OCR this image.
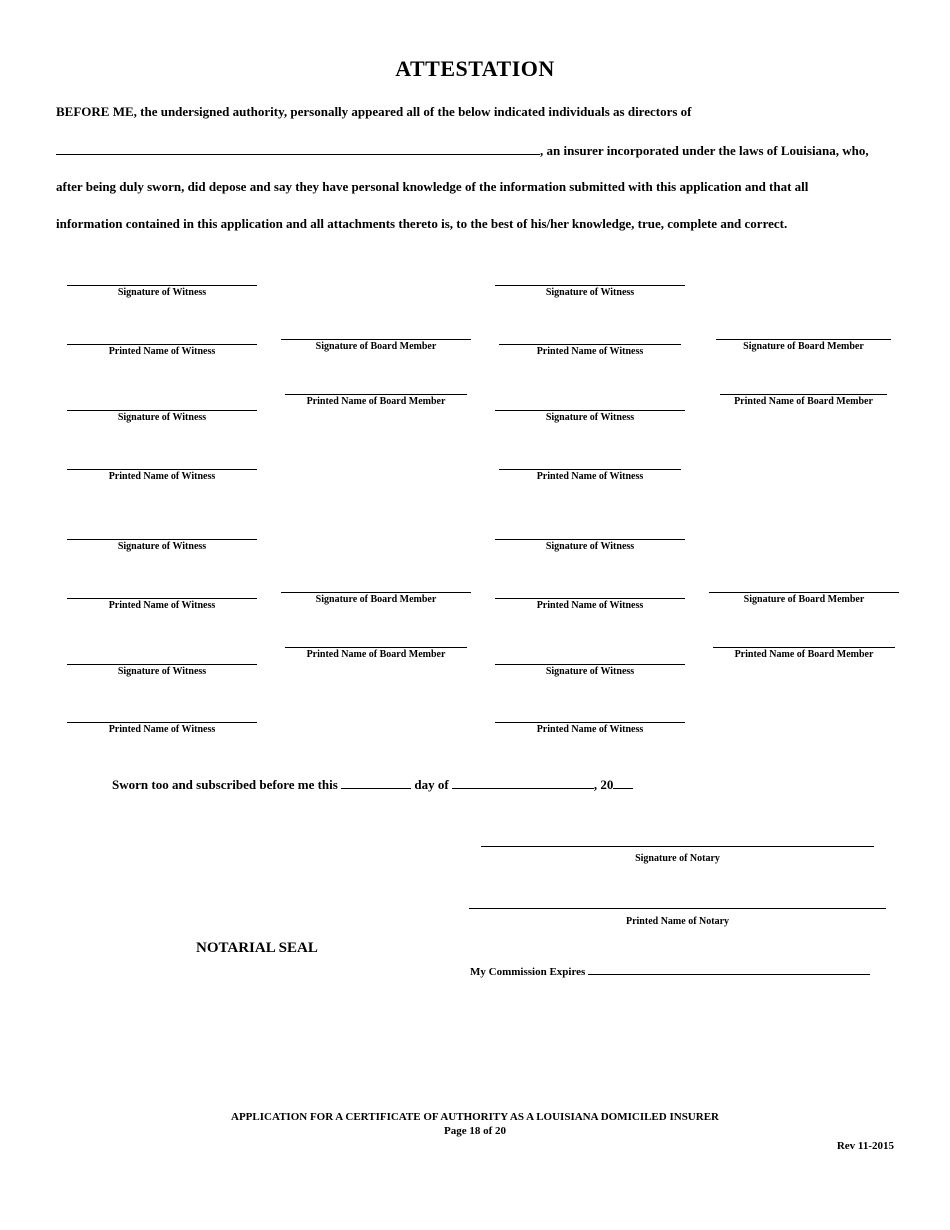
ATTESTATION
BEFORE ME, the undersigned authority, personally appeared all of the below indicated individuals as directors of
, an insurer incorporated under the laws of Louisiana, who,
after being duly sworn, did depose and say they have personal knowledge of the information submitted with this application and that all
information contained in this application and all attachments thereto is, to the best of his/her knowledge, true, complete and correct.
Signature of Witness
Printed Name of Witness	Signature of Board Member
Printed Name of Board Member
Signature of Witness
Printed Name of Witness
Signature of Witness
Printed Name of Witness	Signature of Board Member
Printed Name of Board Member
Signature of Witness
Printed Name of Witness
Signature of Witness
Printed Name of Witness
Signature of Board Member
Printed Name of Board Member
Signature of Witness
Printed Name of Witness
Signature of Witness
Printed Name of Witness
Signature of Board Member
Printed Name of Board Member
Signature of Witness
Printed Name of Witness
Sworn too and subscribed before me this	day of	, 20
Signature of Notary
Printed Name of Notary
NOTARIAL SEAL
My Commission Expires
APPLICATION FOR A CERTIFICATE OF AUTHORITY AS A LOUISIANA DOMICILED INSURER
Page 18 of 20
Rev 11-2015
